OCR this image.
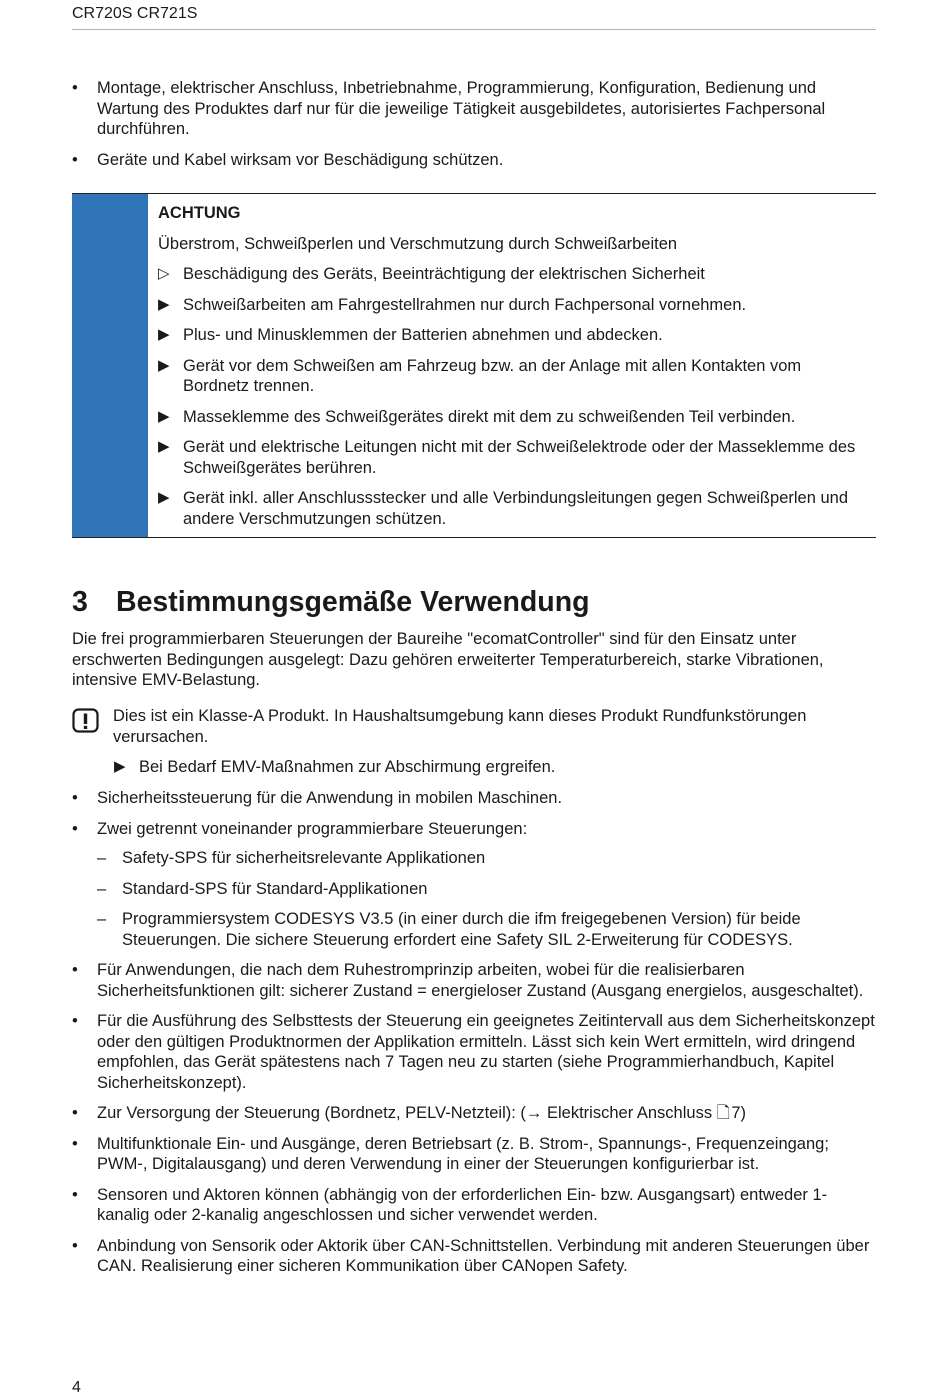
CR720S CR721S
• Montage, elektrischer Anschluss, Inbetriebnahme, Programmierung, Konfiguration, Bedienung und Wartung des Produktes darf nur für die jeweilige Tätigkeit ausgebildetes, autorisiertes Fachpersonal durchführen.
• Geräte und Kabel wirksam vor Beschädigung schützen.
ACHTUNG
Überstrom, Schweißperlen und Verschmutzung durch Schweißarbeiten
▷ Beschädigung des Geräts, Beeinträchtigung der elektrischen Sicherheit
▶ Schweißarbeiten am Fahrgestellrahmen nur durch Fachpersonal vornehmen.
▶ Plus- und Minusklemmen der Batterien abnehmen und abdecken.
▶ Gerät vor dem Schweißen am Fahrzeug bzw. an der Anlage mit allen Kontakten vom Bordnetz trennen.
▶ Masseklemme des Schweißgerätes direkt mit dem zu schweißenden Teil verbinden.
▶ Gerät und elektrische Leitungen nicht mit der Schweißelektrode oder der Masseklemme des Schweißgerätes berühren.
▶ Gerät inkl. aller Anschlussstecker und alle Verbindungsleitungen gegen Schweißperlen und andere Verschmutzungen schützen.
3 Bestimmungsgemäße Verwendung

Die frei programmierbaren Steuerungen der Baureihe "ecomatController" sind für den Einsatz unter erschwerten Bedingungen ausgelegt: Dazu gehören erweiterter Temperaturbereich, starke Vibrationen, intensive EMV-Belastung.

Dies ist ein Klasse-A Produkt. In Haushaltsumgebung kann dieses Produkt Rundfunkstörungen verursachen.

▶ Bei Bedarf EMV-Maßnahmen zur Abschirmung ergreifen.
• Sicherheitssteuerung für die Anwendung in mobilen Maschinen.
• Zwei getrennt voneinander programmierbare Steuerungen:
– Safety-SPS für sicherheitsrelevante Applikationen
– Standard-SPS für Standard-Applikationen
– Programmiersystem CODESYS V3.5 (in einer durch die ifm freigegebenen Version) für beide Steuerungen. Die sichere Steuerung erfordert eine Safety SIL 2-Erweiterung für CODESYS.
• Für Anwendungen, die nach dem Ruhestromprinzip arbeiten, wobei für die realisierbaren Sicherheitsfunktionen gilt: sicherer Zustand = energieloser Zustand (Ausgang energielos, ausgeschaltet).
• Für die Ausführung des Selbsttests der Steuerung ein geeignetes Zeitintervall aus dem Sicherheitskonzept oder den gültigen Produktnormen der Applikation ermitteln. Lässt sich kein Wert ermitteln, wird dringend empfohlen, das Gerät spätestens nach 7 Tagen neu zu starten (siehe Programmierhandbuch, Kapitel Sicherheitskonzept).
• Zur Versorgung der Steuerung (Bordnetz, PELV-Netzteil): (→ Elektrischer Anschluss 🗋 7)
• Multifunktionale Ein- und Ausgänge, deren Betriebsart (z. B. Strom-, Spannungs-, Frequenzeingang; PWM-, Digitalausgang) und deren Verwendung in einer der Steuerungen konfigurierbar ist.
• Sensoren und Aktoren können (abhängig von der erforderlichen Ein- bzw. Ausgangsart) entweder 1-kanalig oder 2-kanalig angeschlossen und sicher verwendet werden.
• Anbindung von Sensorik oder Aktorik über CAN-Schnittstellen. Verbindung mit anderen Steuerungen über CAN. Realisierung einer sicheren Kommunikation über CANopen Safety.
4
